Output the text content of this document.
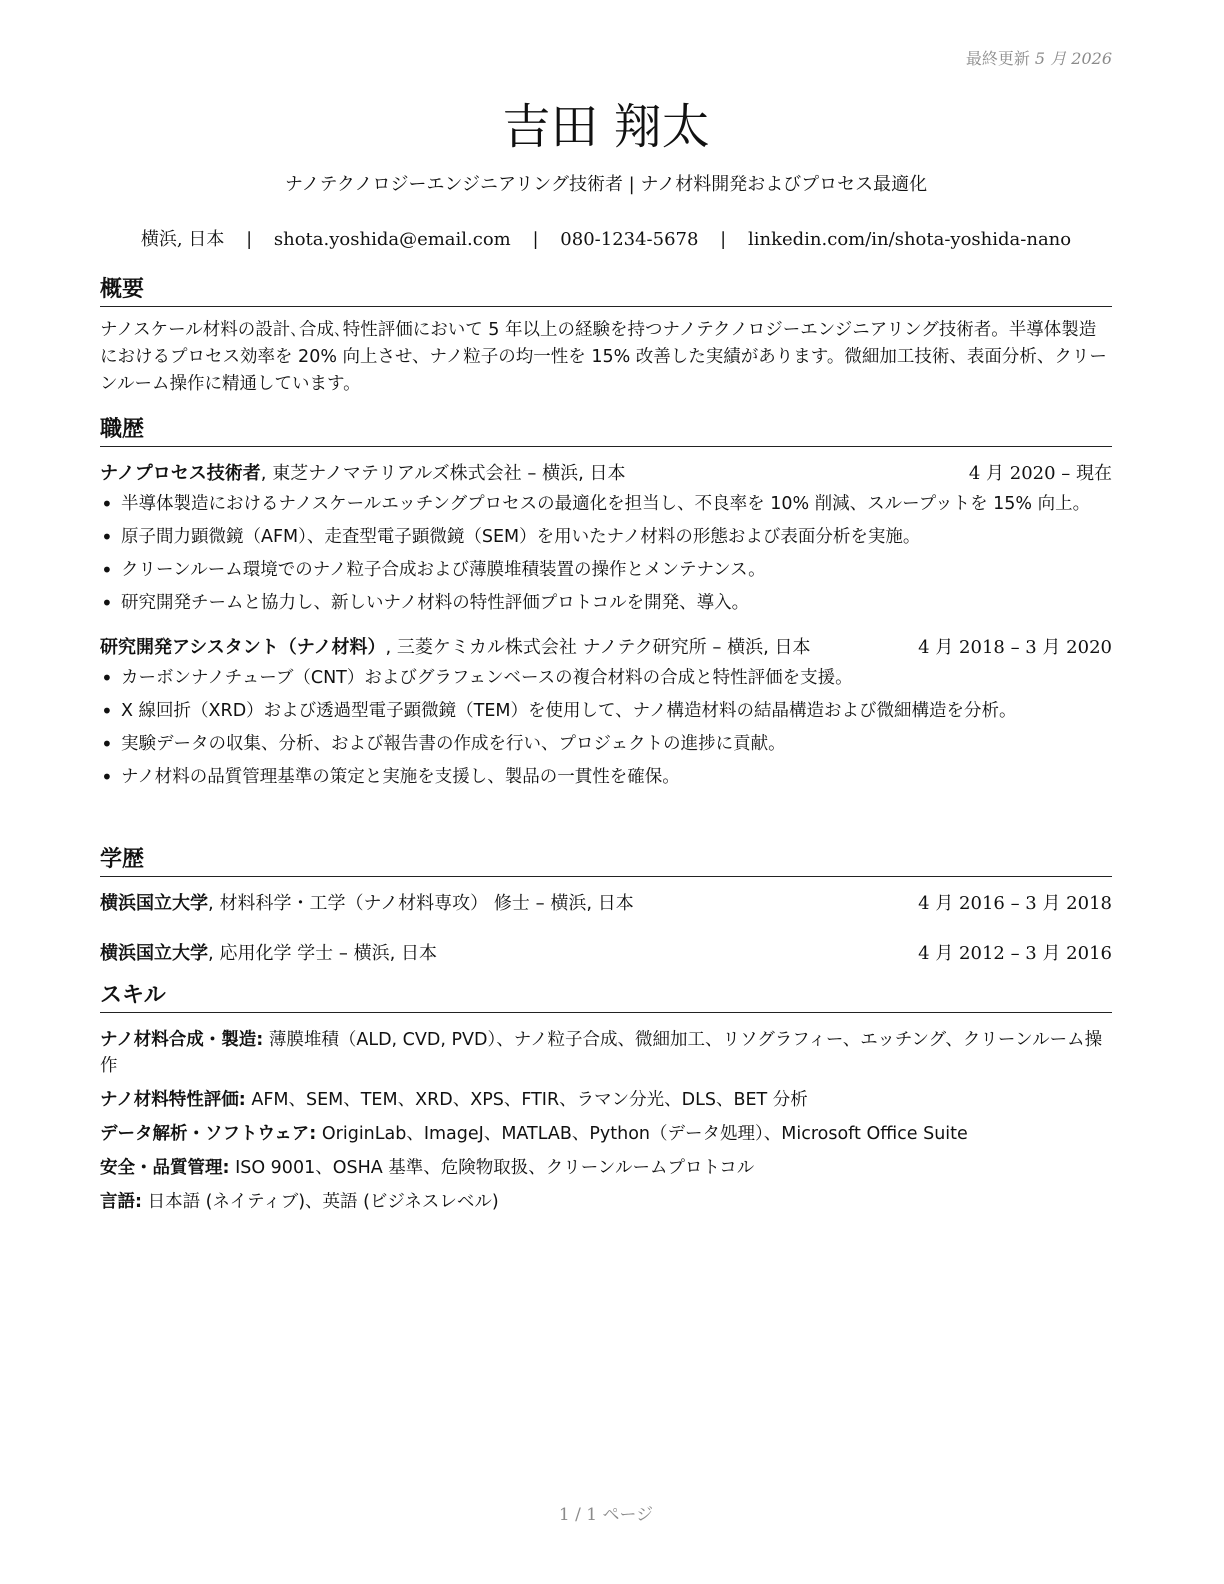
最終更新 5 月 2026
吉田 翔太
ナノテクノロジーエンジニアリング技術者 | ナノ材料開発およびプロセス最適化
横浜, 日本 | shota.yoshida@email.com | 080-1234-5678 | linkedin.com/in/shota-yoshida-nano
概要
ナノスケール材料の設計､合成､特性評価において 5 年以上の経験を持つナノテクノロジーエンジニアリング技術者。半導体製造におけるプロセス効率を 20% 向上させ、ナノ粒子の均一性を 15% 改善した実績があります。微細加工技術、表面分析、クリーンルーム操作に精通しています。
職歴
ナノプロセス技術者, 東芝ナノマテリアルズ株式会社 – 横浜, 日本	4 月 2020 – 現在
• 半導体製造におけるナノスケールエッチングプロセスの最適化を担当し、不良率を 10% 削減、スループットを 15% 向上。
• 原子間力顕微鏡（AFM）、走査型電子顕微鏡（SEM）を用いたナノ材料の形態および表面分析を実施。
• クリーンルーム環境でのナノ粒子合成および薄膜堆積装置の操作とメンテナンス。
• 研究開発チームと協力し、新しいナノ材料の特性評価プロトコルを開発、導入。
研究開発アシスタント（ナノ材料）, 三菱ケミカル株式会社 ナノテク研究所 – 横浜, 日本	4 月 2018 – 3 月 2020
• カーボンナノチューブ（CNT）およびグラフェンベースの複合材料の合成と特性評価を支援。
• X 線回折（XRD）および透過型電子顕微鏡（TEM）を使用して、ナノ構造材料の結晶構造および微細構造を分析。
• 実験データの収集、分析、および報告書の作成を行い、プロジェクトの進捗に貢献。
• ナノ材料の品質管理基準の策定と実施を支援し、製品の一貫性を確保。
学歴
横浜国立大学, 材料科学・工学（ナノ材料専攻） 修士 – 横浜, 日本	4 月 2016 – 3 月 2018
横浜国立大学, 応用化学 学士 – 横浜, 日本	4 月 2012 – 3 月 2016
スキル
ナノ材料合成・製造: 薄膜堆積（ALD, CVD, PVD）、ナノ粒子合成、微細加工、リソグラフィー、エッチング、クリーンルーム操作
ナノ材料特性評価: AFM、SEM、TEM、XRD、XPS、FTIR、ラマン分光、DLS、BET 分析
データ解析・ソフトウェア: OriginLab、ImageJ、MATLAB、Python（データ処理）、Microsoft Office Suite
安全・品質管理: ISO 9001、OSHA 基準、危険物取扱、クリーンルームプロトコル
言語: 日本語 (ネイティブ)、英語 (ビジネスレベル)
1 / 1 ページ
